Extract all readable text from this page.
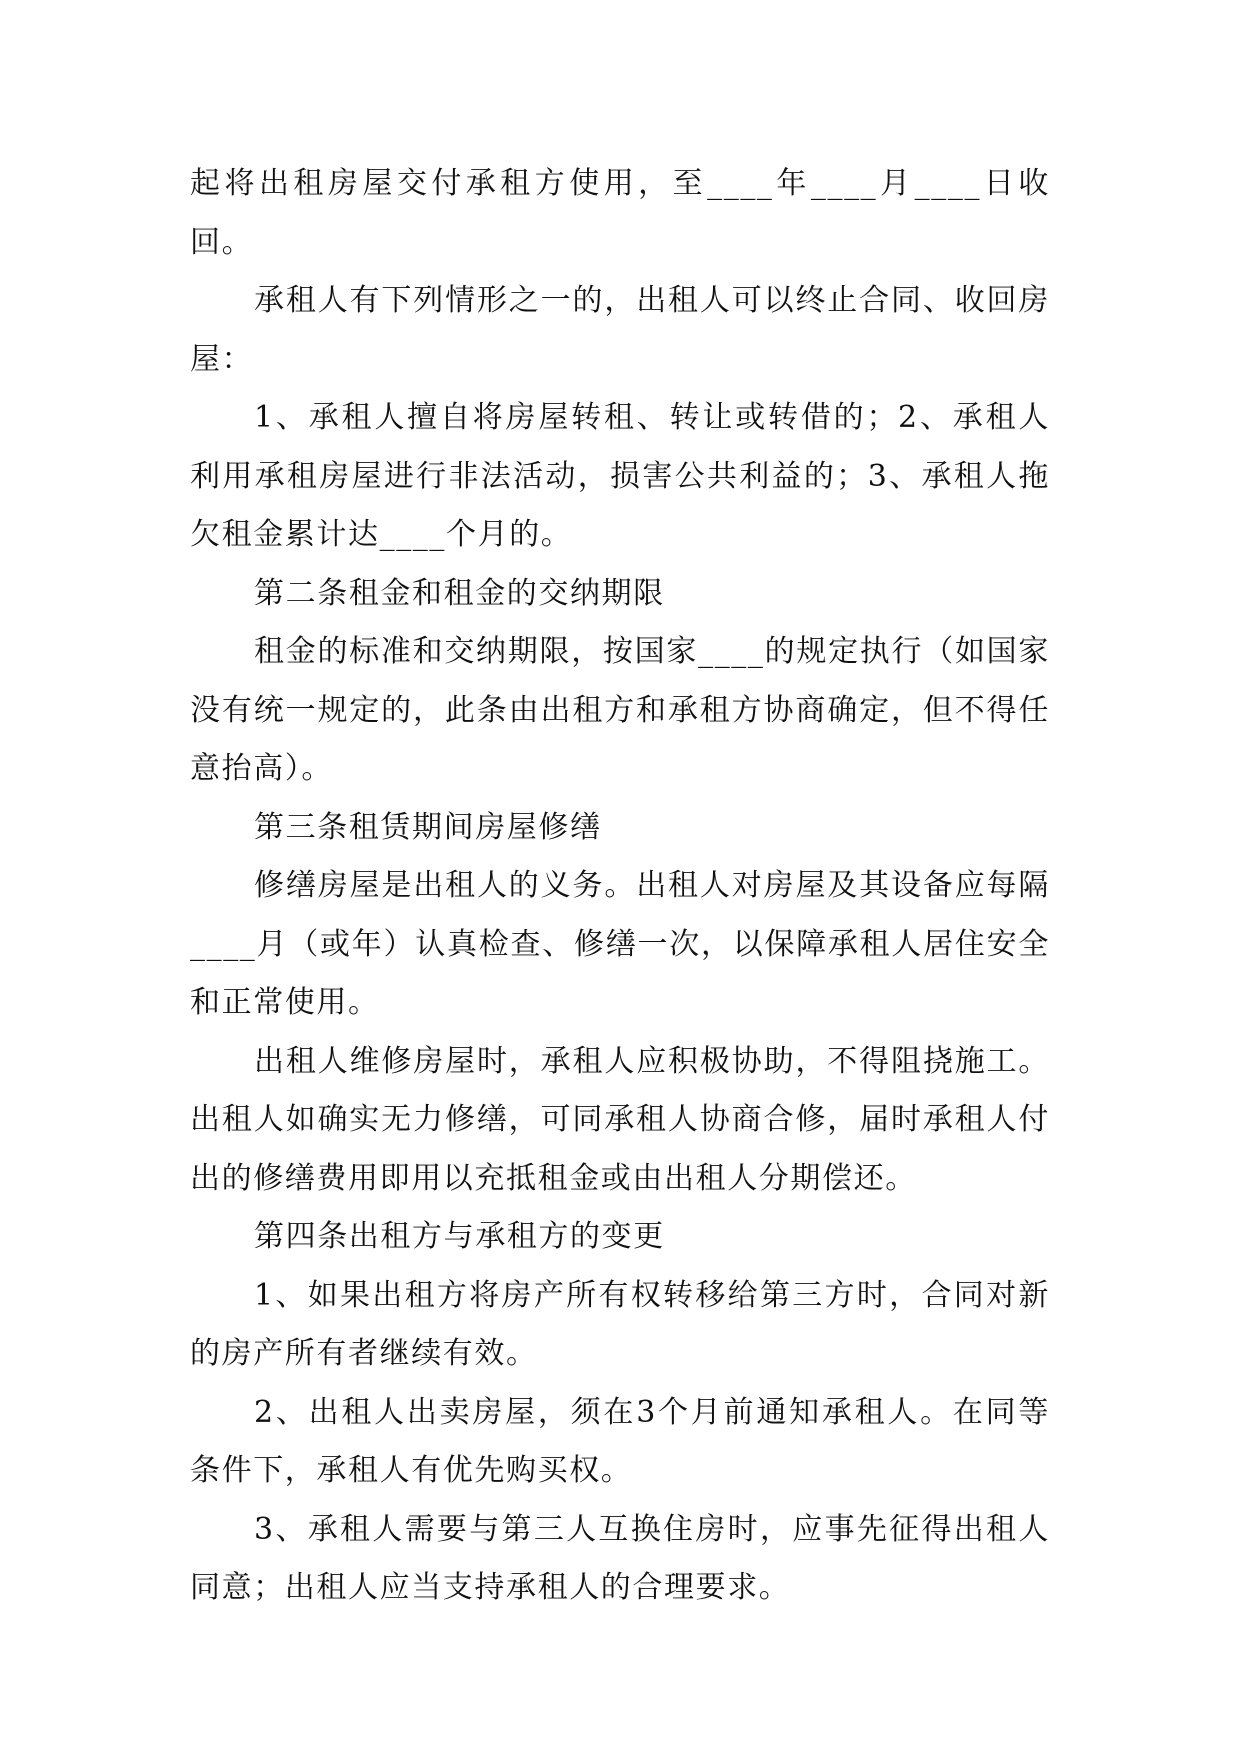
起将出租房屋交付承租方使用，至____年____月____日收回。

承租人有下列情形之一的，出租人可以终止合同、收回房屋：

1、承租人擅自将房屋转租、转让或转借的；2、承租人利用承租房屋进行非法活动，损害公共利益的；3、承租人拖欠租金累计达____个月的。

第二条租金和租金的交纳期限

租金的标准和交纳期限，按国家____的规定执行（如国家没有统一规定的，此条由出租方和承租方协商确定，但不得任意抬高）。

第三条租赁期间房屋修缮

修缮房屋是出租人的义务。出租人对房屋及其设备应每隔____月（或年）认真检查、修缮一次，以保障承租人居住安全和正常使用。

出租人维修房屋时，承租人应积极协助，不得阻挠施工。出租人如确实无力修缮，可同承租人协商合修，届时承租人付出的修缮费用即用以充抵租金或由出租人分期偿还。

第四条出租方与承租方的变更

1、如果出租方将房产所有权转移给第三方时，合同对新的房产所有者继续有效。

2、出租人出卖房屋，须在3个月前通知承租人。在同等条件下，承租人有优先购买权。

3、承租人需要与第三人互换住房时，应事先征得出租人同意；出租人应当支持承租人的合理要求。
